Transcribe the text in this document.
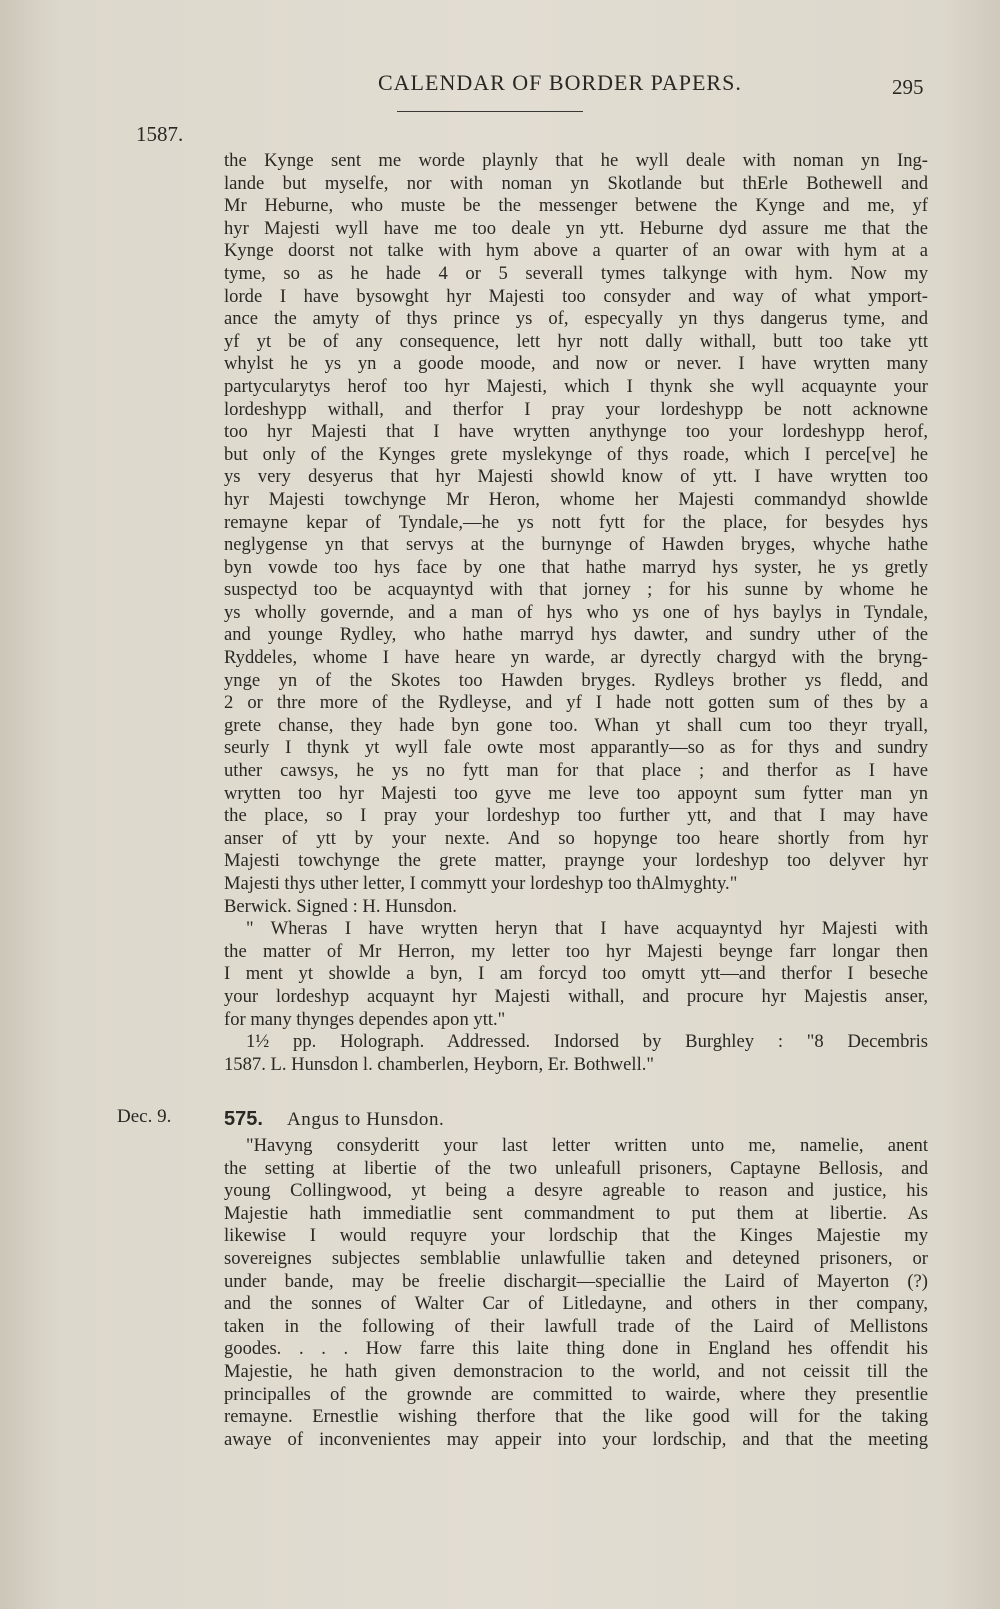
CALENDAR OF BORDER PAPERS.	295
1587.
the Kynge sent me worde playnly that he wyll deale with noman yn Ing-
lande but myselfe, nor with noman yn Skotlande but thErle Bothewell and
Mr Heburne, who muste be the messenger betwene the Kynge and me, yf
hyr Majesti wyll have me too deale yn ytt. Heburne dyd assure me that the
Kynge doorst not talke with hym above a quarter of an owar with hym at a
tyme, so as he hade 4 or 5 severall tymes talkynge with hym. Now my
lorde I have bysowght hyr Majesti too consyder and way of what ymport-
ance the amyty of thys prince ys of, especyally yn thys dangerus tyme, and
yf yt be of any consequence, lett hyr nott dally withall, butt too take ytt
whylst he ys yn a goode moode, and now or never. I have wrytten many
partycularytys herof too hyr Majesti, which I thynk she wyll acquaynte your
lordeshypp withall, and therfor I pray your lordeshypp be nott acknowne
too hyr Majesti that I have wrytten anythynge too your lordeshypp herof,
but only of the Kynges grete myslekynge of thys roade, which I perce[ve] he
ys very desyerus that hyr Majesti showld know of ytt. I have wrytten too
hyr Majesti towchynge Mr Heron, whome her Majesti commandyd showlde
remayne kepar of Tyndale,—he ys nott fytt for the place, for besydes hys
neglygense yn that servys at the burnynge of Hawden bryges, whyche hathe
byn vowde too hys face by one that hathe marryd hys syster, he ys gretly
suspectyd too be acquayntyd with that jorney ; for his sunne by whome he
ys wholly governde, and a man of hys who ys one of hys baylys in Tyndale,
and younge Rydley, who hathe marryd hys dawter, and sundry uther of the
Ryddeles, whome I have heare yn warde, ar dyrectly chargyd with the bryng-
ynge yn of the Skotes too Hawden bryges. Rydleys brother ys fledd, and
2 or thre more of the Rydleyse, and yf I hade nott gotten sum of thes by a
grete chanse, they hade byn gone too. Whan yt shall cum too theyr tryall,
seurly I thynk yt wyll fale owte most apparantly—so as for thys and sundry
uther cawsys, he ys no fytt man for that place ; and therfor as I have
wrytten too hyr Majesti too gyve me leve too appoynt sum fytter man yn
the place, so I pray your lordeshyp too further ytt, and that I may have
anser of ytt by your nexte. And so hopynge too heare shortly from hyr
Majesti towchynge the grete matter, praynge your lordeshyp too delyver hyr
Majesti thys uther letter, I commytt your lordeshyp too thAlmyghty."
Berwick. Signed : H. Hunsdon.
" Wheras I have wrytten heryn that I have acquayntyd hyr Majesti with
the matter of Mr Herron, my letter too hyr Majesti beynge farr longar then
I ment yt showlde a byn, I am forcyd too omytt ytt—and therfor I beseche
your lordeshyp acquaynt hyr Majesti withall, and procure hyr Majestis anser,
for many thynges dependes apon ytt."
1½ pp. Holograph. Addressed. Indorsed by Burghley : "8 Decembris
1587. L. Hunsdon l. chamberlen, Heyborn, Er. Bothwell."
Dec. 9.	575. Angus to Hunsdon.
"Havyng consyderitt your last letter written unto me, namelie, anent
the setting at libertie of the two unleafull prisoners, Captayne Bellosis, and
young Collingwood, yt being a desyre agreable to reason and justice, his
Majestie hath immediatlie sent commandment to put them at libertie. As
likewise I would requyre your lordschip that the Kinges Majestie my
sovereignes subjectes semblablie unlawfullie taken and deteyned prisoners, or
under bande, may be freelie dischargit—speciallie the Laird of Mayerton (?)
and the sonnes of Walter Car of Litledayne, and others in ther company,
taken in the following of their lawfull trade of the Laird of Mellistons
goodes. . . . How farre this laite thing done in England hes offendit his
Majestie, he hath given demonstracion to the world, and not ceissit till the
principalles of the grownde are committed to wairde, where they presentlie
remayne. Ernestlie wishing therfore that the like good will for the taking
awaye of inconvenientes may appeir into your lordschip, and that the meeting
